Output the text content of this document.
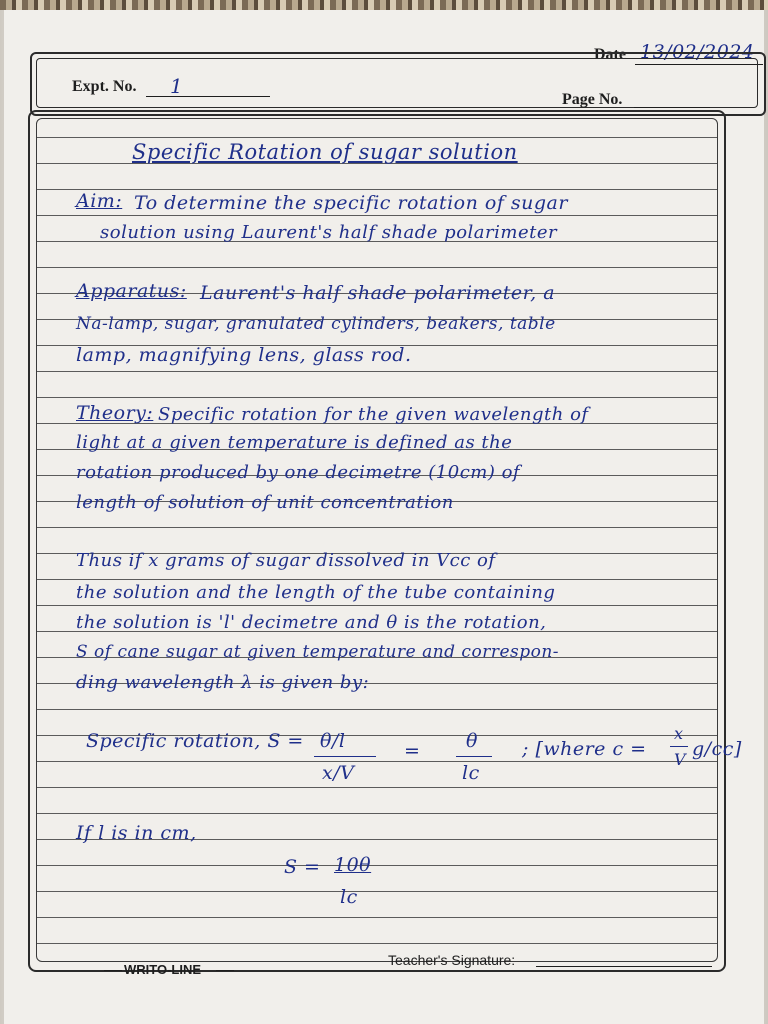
Date 13/02/2024
Expt. No. 1
Page No.
Specific Rotation of sugar solution
Aim: To determine the specific rotation of sugar
solution using Laurent's half shade polarimeter
Apparatus: Laurent's half shade polarimeter, a
Na-lamp, sugar, granulated cylinders, beakers, table
lamp, magnifying lens, glass rod.
Theory: Specific rotation for the given wavelength of
light at a given temperature is defined as the
rotation produced by one decimetre (10cm) of
length of solution of unit concentration
Thus if x grams of sugar dissolved in Vcc of
the solution and the length of the tube containing
the solution is 'l' decimetre and θ is the rotation,
S of cane sugar at given temperature and correspon-
ding wavelength λ is given by:
Specific rotation, S = θ/l
x/V
= θ
lc
; [where c =
x
V g/cc]
If l is in cm,
S = 10θ
lc
WRITO-LINE
Teacher's Signature:
